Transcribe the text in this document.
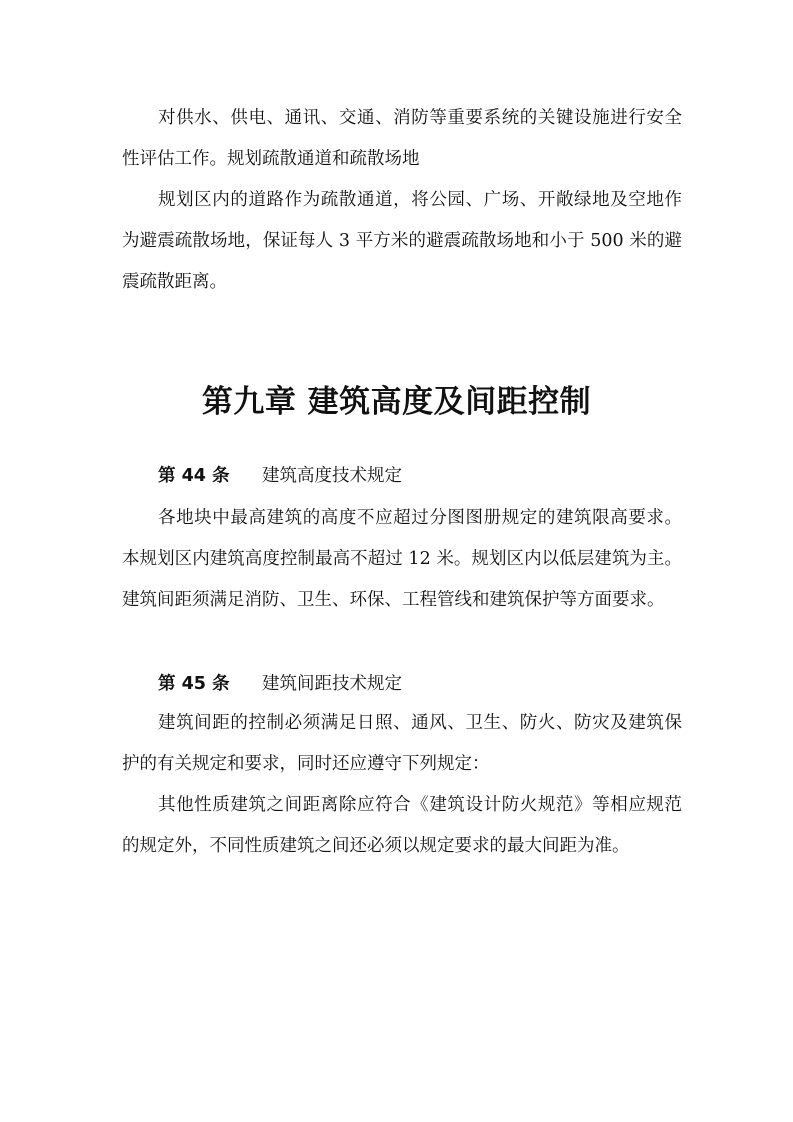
对供水、供电、通讯、交通、消防等重要系统的关键设施进行安全性评估工作。规划疏散通道和疏散场地

规划区内的道路作为疏散通道，将公园、广场、开敞绿地及空地作为避震疏散场地，保证每人 3 平方米的避震疏散场地和小于 500 米的避震疏散距离。

第九章 建筑高度及间距控制
第 44 条 建筑高度技术规定

各地块中最高建筑的高度不应超过分图图册规定的建筑限高要求。本规划区内建筑高度控制最高不超过 12 米。规划区内以低层建筑为主。建筑间距须满足消防、卫生、环保、工程管线和建筑保护等方面要求。

第 45 条 建筑间距技术规定

建筑间距的控制必须满足日照、通风、卫生、防火、防灾及建筑保护的有关规定和要求，同时还应遵守下列规定：

其他性质建筑之间距离除应符合《建筑设计防火规范》等相应规范的规定外，不同性质建筑之间还必须以规定要求的最大间距为准。
